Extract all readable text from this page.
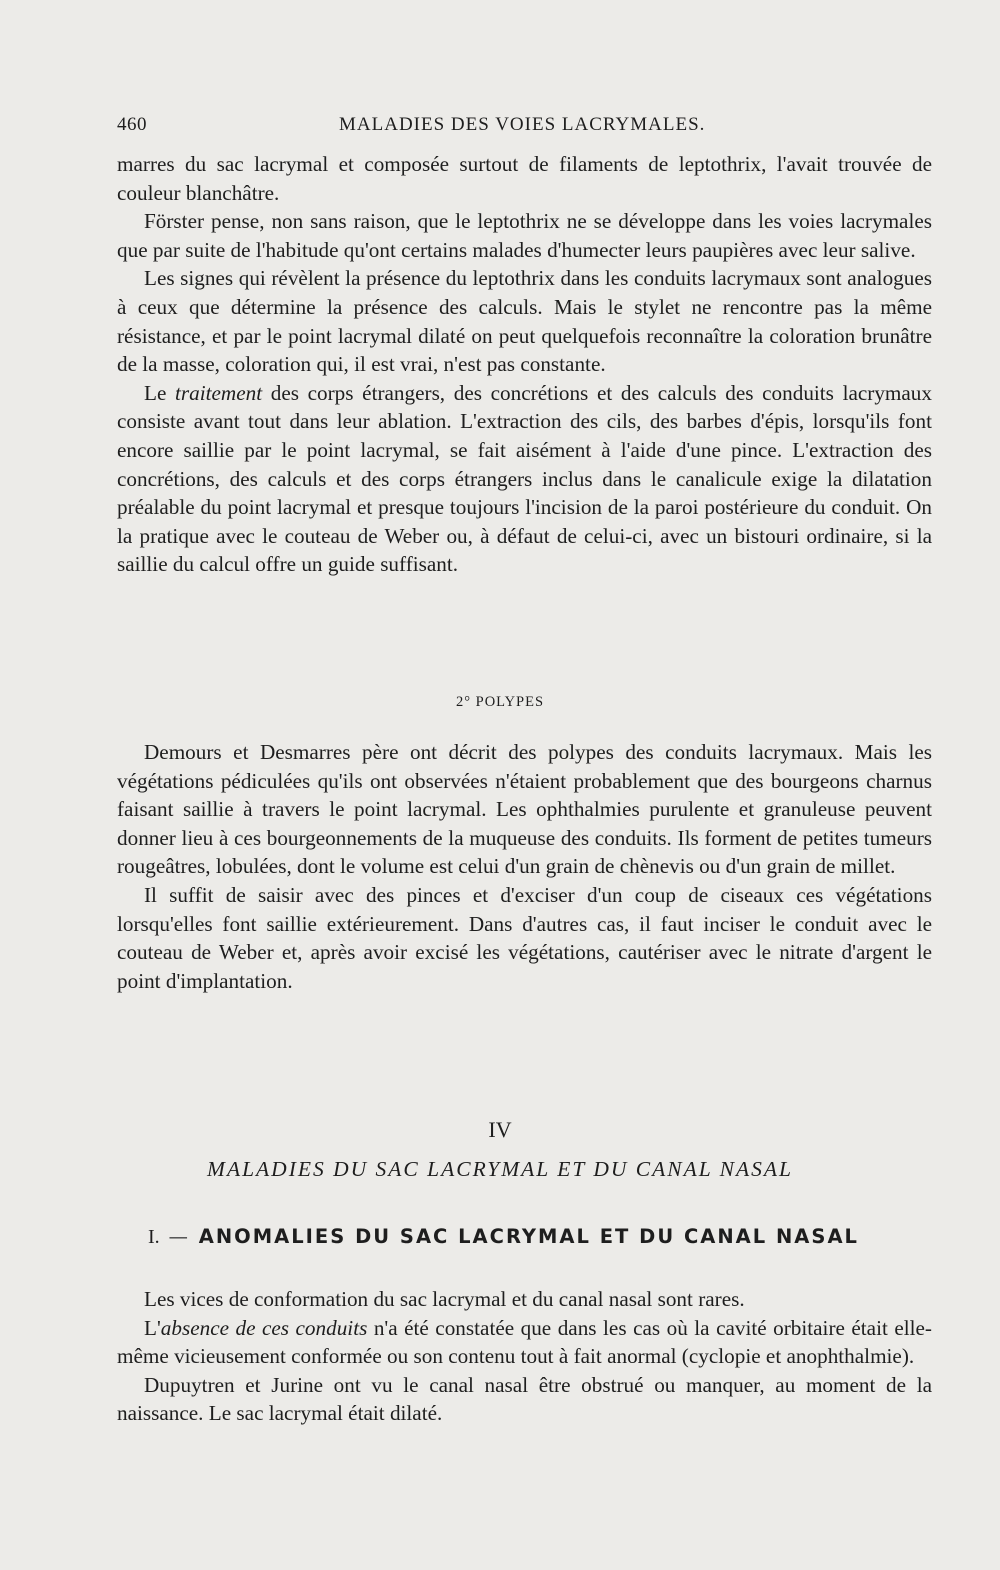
460	MALADIES DES VOIES LACRYMALES.

marres du sac lacrymal et composée surtout de filaments de leptothrix, l'avait trouvée de couleur blanchâtre.

Förster pense, non sans raison, que le leptothrix ne se développe dans les voies lacrymales que par suite de l'habitude qu'ont certains malades d'humecter leurs paupières avec leur salive.

Les signes qui révèlent la présence du leptothrix dans les conduits lacrymaux sont analogues à ceux que détermine la présence des calculs. Mais le stylet ne rencontre pas la même résistance, et par le point lacrymal dilaté on peut quelquefois reconnaître la coloration brunâtre de la masse, coloration qui, il est vrai, n'est pas constante.

Le traitement des corps étrangers, des concrétions et des calculs des conduits lacrymaux consiste avant tout dans leur ablation. L'extraction des cils, des barbes d'épis, lorsqu'ils font encore saillie par le point lacrymal, se fait aisément à l'aide d'une pince. L'extraction des concrétions, des calculs et des corps étrangers inclus dans le canalicule exige la dilatation préalable du point lacrymal et presque toujours l'incision de la paroi postérieure du conduit. On la pratique avec le couteau de Weber ou, à défaut de celui-ci, avec un bistouri ordinaire, si la saillie du calcul offre un guide suffisant.

2° POLYPES

Demours et Desmarres père ont décrit des polypes des conduits lacrymaux. Mais les végétations pédiculées qu'ils ont observées n'étaient probablement que des bourgeons charnus faisant saillie à travers le point lacrymal. Les ophthalmies purulente et granuleuse peuvent donner lieu à ces bourgeonnements de la muqueuse des conduits. Ils forment de petites tumeurs rougeâtres, lobulées, dont le volume est celui d'un grain de chènevis ou d'un grain de millet.

Il suffit de saisir avec des pinces et d'exciser d'un coup de ciseaux ces végétations lorsqu'elles font saillie extérieurement. Dans d'autres cas, il faut inciser le conduit avec le couteau de Weber et, après avoir excisé les végétations, cautériser avec le nitrate d'argent le point d'implantation.

IV
MALADIES DU SAC LACRYMAL ET DU CANAL NASAL
I. — ANOMALIES DU SAC LACRYMAL ET DU CANAL NASAL

Les vices de conformation du sac lacrymal et du canal nasal sont rares.

L'absence de ces conduits n'a été constatée que dans les cas où la cavité orbitaire était elle-même vicieusement conformée ou son contenu tout à fait anormal (cyclopie et anophthalmie).

Dupuytren et Jurine ont vu le canal nasal être obstrué ou manquer, au moment de la naissance. Le sac lacrymal était dilaté.
